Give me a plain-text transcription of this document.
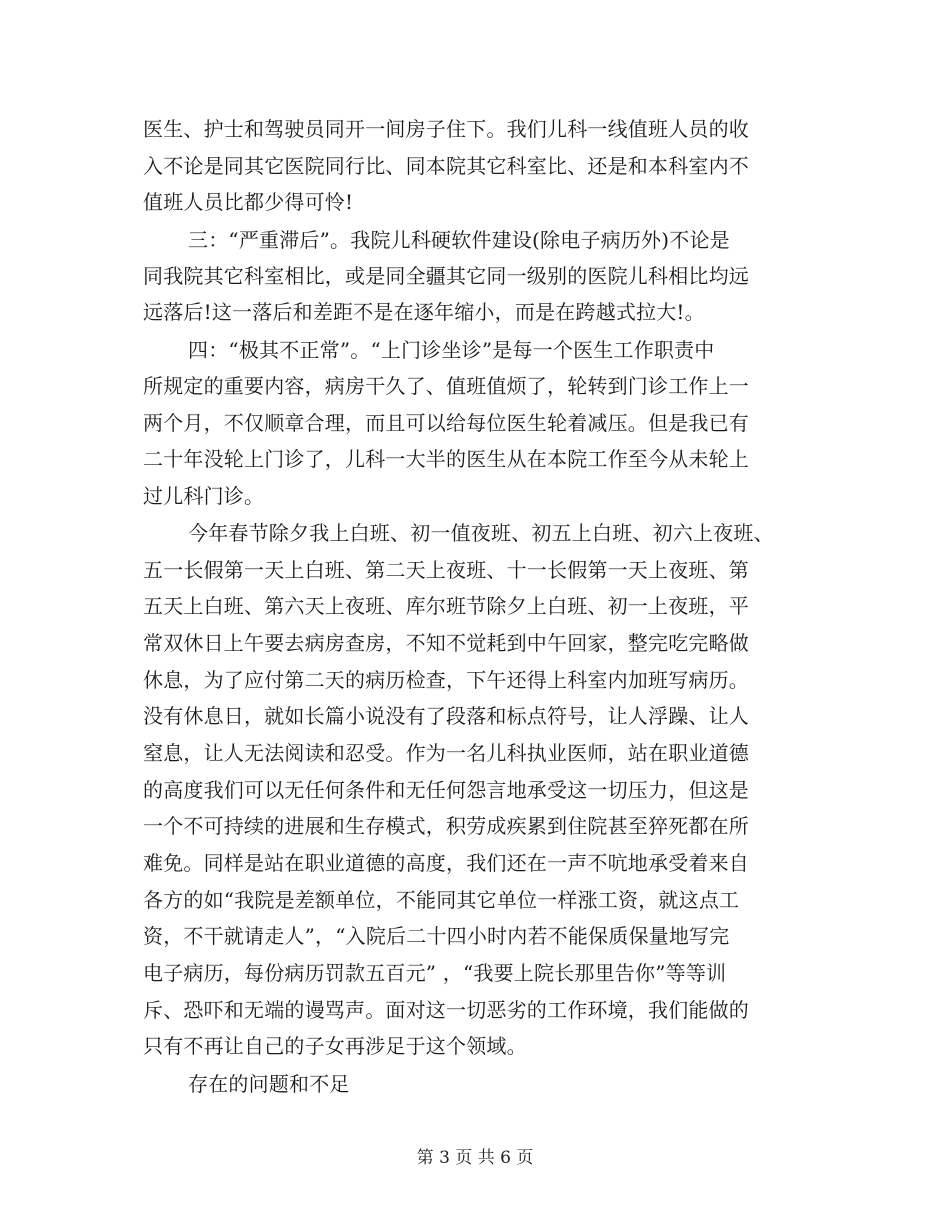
医生、护士和驾驶员同开一间房子住下。我们儿科一线值班人员的收
入不论是同其它医院同行比、同本院其它科室比、还是和本科室内不
值班人员比都少得可怜!
三：“严重滞后”。我院儿科硬软件建设(除电子病历外)不论是
同我院其它科室相比，或是同全疆其它同一级别的医院儿科相比均远
远落后!这一落后和差距不是在逐年缩小，而是在跨越式拉大!。
四：“极其不正常”。“上门诊坐诊”是每一个医生工作职责中
所规定的重要内容，病房干久了、值班值烦了，轮转到门诊工作上一
两个月，不仅顺章合理，而且可以给每位医生轮着减压。但是我已有
二十年没轮上门诊了，儿科一大半的医生从在本院工作至今从未轮上
过儿科门诊。
今年春节除夕我上白班、初一值夜班、初五上白班、初六上夜班、
五一长假第一天上白班、第二天上夜班、十一长假第一天上夜班、第
五天上白班、第六天上夜班、库尔班节除夕上白班、初一上夜班，平
常双休日上午要去病房查房，不知不觉耗到中午回家，整完吃完略做
休息，为了应付第二天的病历检查，下午还得上科室内加班写病历。
没有休息日，就如长篇小说没有了段落和标点符号，让人浮躁、让人
窒息，让人无法阅读和忍受。作为一名儿科执业医师，站在职业道德
的高度我们可以无任何条件和无任何怨言地承受这一切压力，但这是
一个不可持续的进展和生存模式，积劳成疾累到住院甚至猝死都在所
难免。同样是站在职业道德的高度，我们还在一声不吭地承受着来自
各方的如“我院是差额单位，不能同其它单位一样涨工资，就这点工
资，不干就请走人”，“入院后二十四小时内若不能保质保量地写完
电子病历，每份病历罚款五百元” ，“我要上院长那里告你”等等训
斥、恐吓和无端的谩骂声。面对这一切恶劣的工作环境，我们能做的
只有不再让自己的子女再涉足于这个领域。
存在的问题和不足
第 3 页 共 6 页
